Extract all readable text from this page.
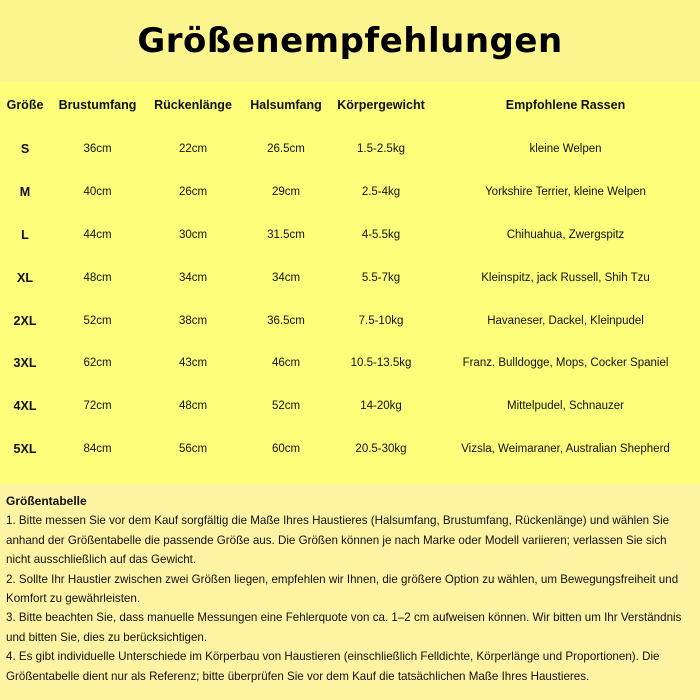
Größenempfehlungen
Größe	Brustumfang	Rückenlänge	Halsumfang	Körpergewicht	Empfohlene Rassen
S	36cm	22cm	26.5cm	1.5-2.5kg	kleine Welpen
M	40cm	26cm	29cm	2.5-4kg	Yorkshire Terrier, kleine Welpen
L	44cm	30cm	31.5cm	4-5.5kg	Chihuahua, Zwergspitz
XL	48cm	34cm	34cm	5.5-7kg	Kleinspitz, jack Russell, Shih Tzu
2XL	52cm	38cm	36.5cm	7.5-10kg	Havaneser, Dackel, Kleinpudel
3XL	62cm	43cm	46cm	10.5-13.5kg	Franz. Bulldogge, Mops, Cocker Spaniel
4XL	72cm	48cm	52cm	14-20kg	Mittelpudel, Schnauzer
5XL	84cm	56cm	60cm	20.5-30kg	Vizsla, Weimaraner, Australian Shepherd
Größentabelle

1. Bitte messen Sie vor dem Kauf sorgfältig die Maße Ihres Haustieres (Halsumfang, Brustumfang, Rückenlänge) und wählen Sie anhand der Größentabelle die passende Größe aus. Die Größen können je nach Marke oder Modell variieren; verlassen Sie sich nicht ausschließlich auf das Gewicht.

2. Sollte Ihr Haustier zwischen zwei Größen liegen, empfehlen wir Ihnen, die größere Option zu wählen, um Bewegungsfreiheit und Komfort zu gewährleisten.

3. Bitte beachten Sie, dass manuelle Messungen eine Fehlerquote von ca. 1–2 cm aufweisen können. Wir bitten um Ihr Verständnis und bitten Sie, dies zu berücksichtigen.

4. Es gibt individuelle Unterschiede im Körperbau von Haustieren (einschließlich Felldichte, Körperlänge und Proportionen). Die Größentabelle dient nur als Referenz; bitte überprüfen Sie vor dem Kauf die tatsächlichen Maße Ihres Haustieres.
